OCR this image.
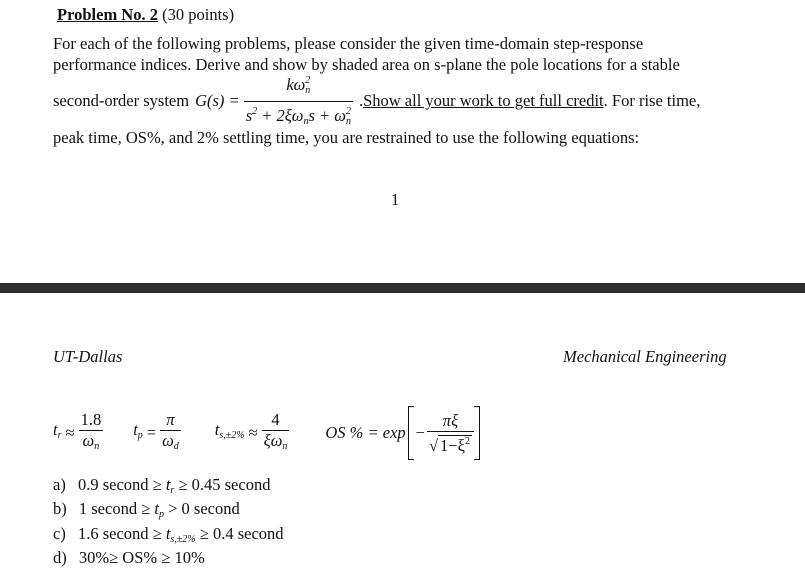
Problem No. 2 (30 points)
For each of the following problems, please consider the given time-domain step-response
performance indices. Derive and show by shaded area on s-plane the pole locations for a stable
second-order system $G(s) = \frac{k\omega_n^2}{s^2 + 2\xi\omega_ns + \omega_n^2}$ . Show all your work to get full credit . For rise time,
peak time, OS%, and 2% settling time, you are restrained to use the following equations:
1
UT-Dallas	Mechanical Engineering
$t_r \approx \frac{1.8}{\omega_n} t_p = \frac{\pi}{\omega_d} t_{s,\pm 2\%} \approx \frac{4}{\xi\omega_n}$ OS % = $\exp - \frac{\pi\xi}{√ 1-\xi^2}$
a) 0.9 second ≥ $t_r \ge 0.45$ second
b) 1 second ≥ $t_p > 0$ second
c) 1.6 second ≥ $t_{s,\pm 2\%} \ge 0.4$ second
d) 30%≥ OS% ≥ 10%
